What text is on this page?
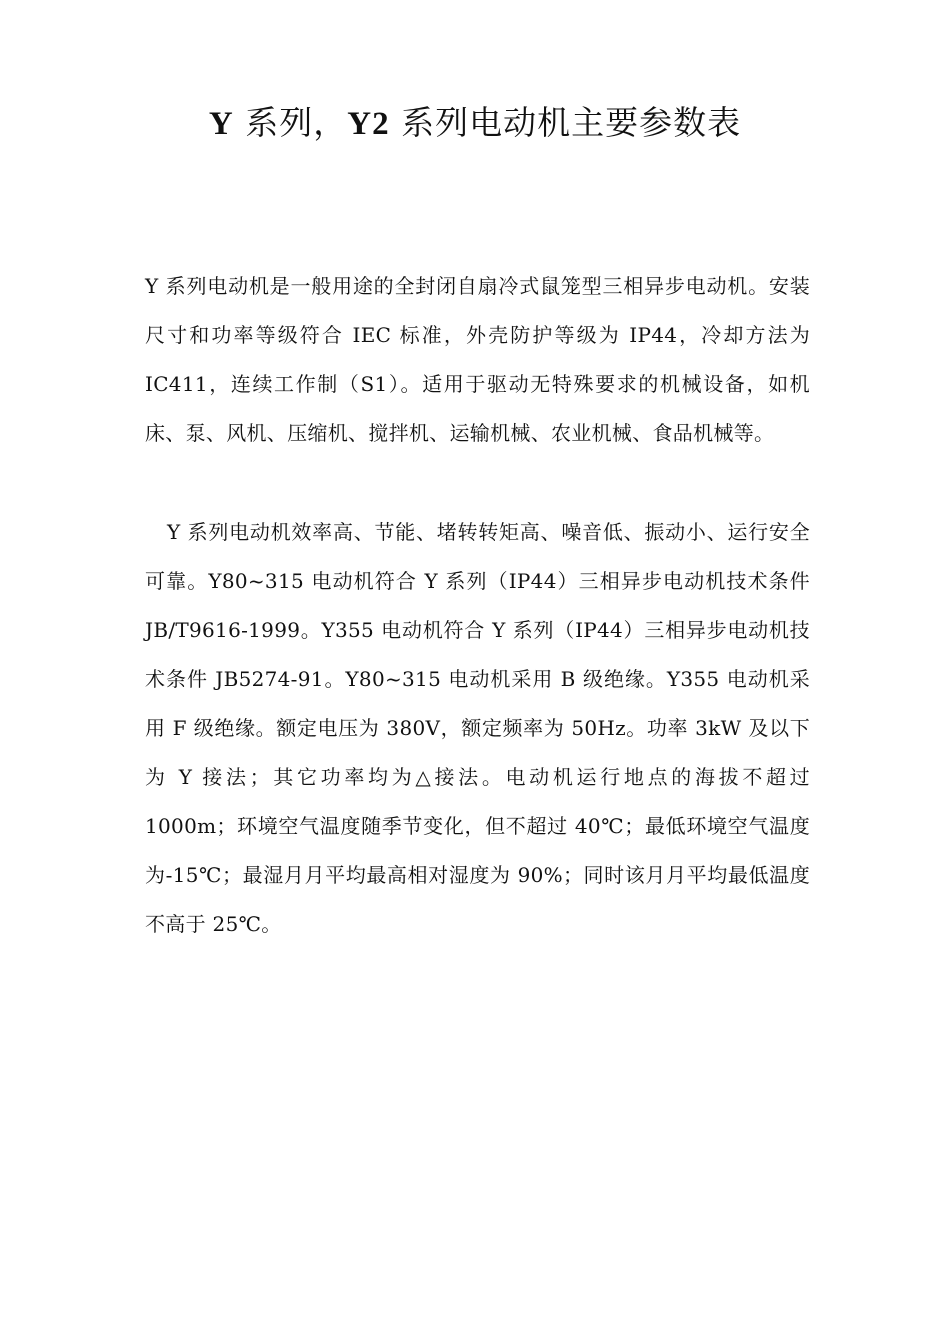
Y 系列，Y2 系列电动机主要参数表

Y 系列电动机是一般用途的全封闭自扇冷式鼠笼型三相异步电动机。安装尺寸和功率等级符合 IEC 标准，外壳防护等级为 IP44，冷却方法为 IC411，连续工作制（S1）。适用于驱动无特殊要求的机械设备，如机床、泵、风机、压缩机、搅拌机、运输机械、农业机械、食品机械等。

Y 系列电动机效率高、节能、堵转转矩高、噪音低、振动小、运行安全可靠。Y80~315 电动机符合 Y 系列（IP44）三相异步电动机技术条件 JB/T9616-1999。Y355 电动机符合 Y 系列（IP44）三相异步电动机技术条件 JB5274-91。Y80~315 电动机采用 B 级绝缘。Y355 电动机采用 F 级绝缘。额定电压为 380V，额定频率为 50Hz。功率 3kW 及以下为 Y 接法；其它功率均为△接法。电动机运行地点的海拔不超过 1000m；环境空气温度随季节变化，但不超过 40℃；最低环境空气温度为-15℃；最湿月月平均最高相对湿度为 90%；同时该月月平均最低温度不高于 25℃。
